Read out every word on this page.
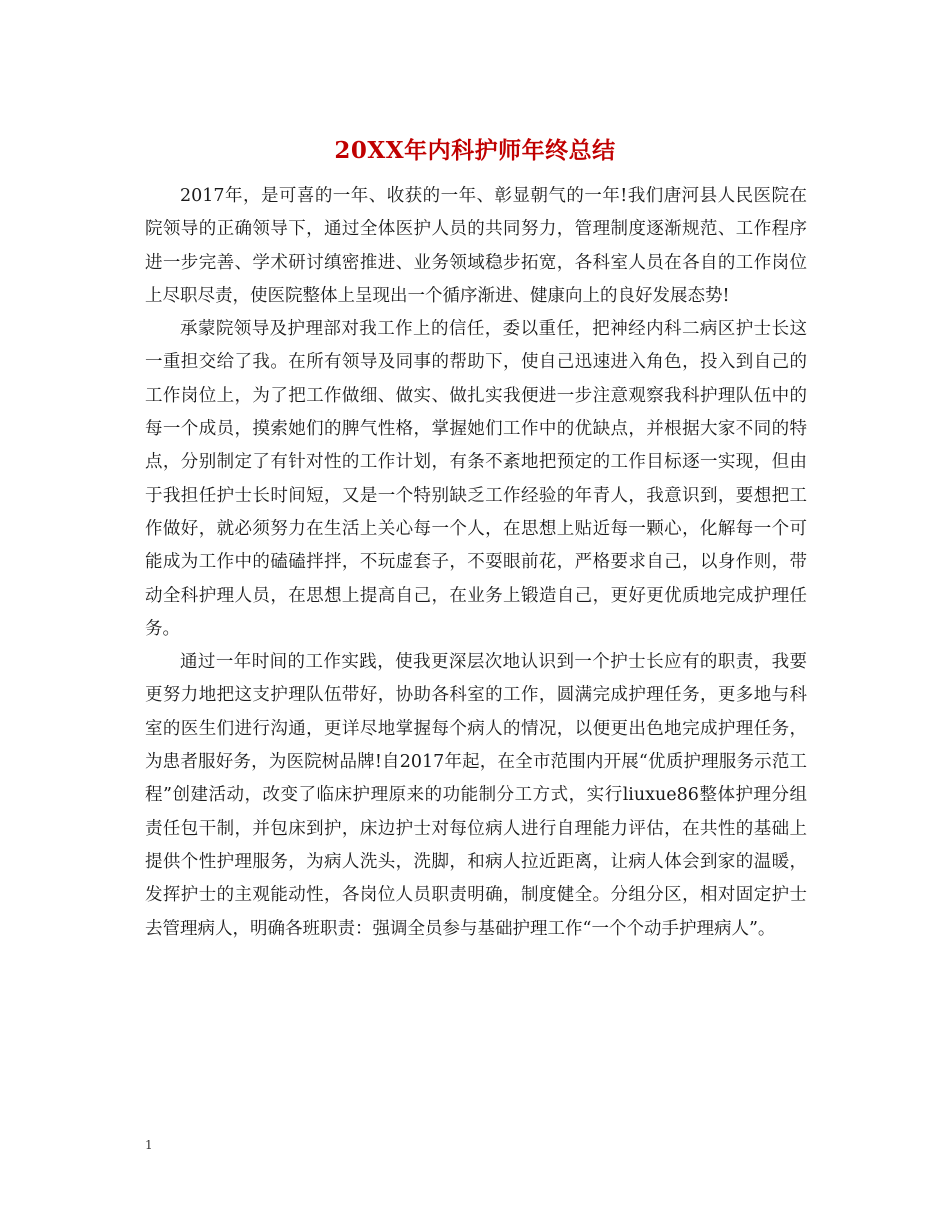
20XX年内科护师年终总结

2017年，是可喜的一年、收获的一年、彰显朝气的一年!我们唐河县人民医院在院领导的正确领导下，通过全体医护人员的共同努力，管理制度逐渐规范、工作程序进一步完善、学术研讨缜密推进、业务领域稳步拓宽，各科室人员在各自的工作岗位上尽职尽责，使医院整体上呈现出一个循序渐进、健康向上的良好发展态势!

承蒙院领导及护理部对我工作上的信任，委以重任，把神经内科二病区护士长这一重担交给了我。在所有领导及同事的帮助下，使自己迅速进入角色，投入到自己的工作岗位上，为了把工作做细、做实、做扎实我便进一步注意观察我科护理队伍中的每一个成员，摸索她们的脾气性格，掌握她们工作中的优缺点，并根据大家不同的特点，分别制定了有针对性的工作计划，有条不紊地把预定的工作目标逐一实现，但由于我担任护士长时间短，又是一个特别缺乏工作经验的年青人，我意识到，要想把工作做好，就必须努力在生活上关心每一个人，在思想上贴近每一颗心，化解每一个可能成为工作中的磕磕拌拌，不玩虚套子，不耍眼前花，严格要求自己，以身作则，带动全科护理人员，在思想上提高自己，在业务上锻造自己，更好更优质地完成护理任务。

通过一年时间的工作实践，使我更深层次地认识到一个护士长应有的职责，我要更努力地把这支护理队伍带好，协助各科室的工作，圆满完成护理任务，更多地与科室的医生们进行沟通，更详尽地掌握每个病人的情况，以便更出色地完成护理任务，为患者服好务，为医院树品牌!自2017年起，在全市范围内开展“优质护理服务示范工程”创建活动，改变了临床护理原来的功能制分工方式，实行liuxue86整体护理分组责任包干制，并包床到护，床边护士对每位病人进行自理能力评估，在共性的基础上提供个性护理服务，为病人洗头，洗脚，和病人拉近距离，让病人体会到家的温暖，发挥护士的主观能动性，各岗位人员职责明确，制度健全。分组分区，相对固定护士去管理病人，明确各班职责：强调全员参与基础护理工作“一个个动手护理病人”。

1
